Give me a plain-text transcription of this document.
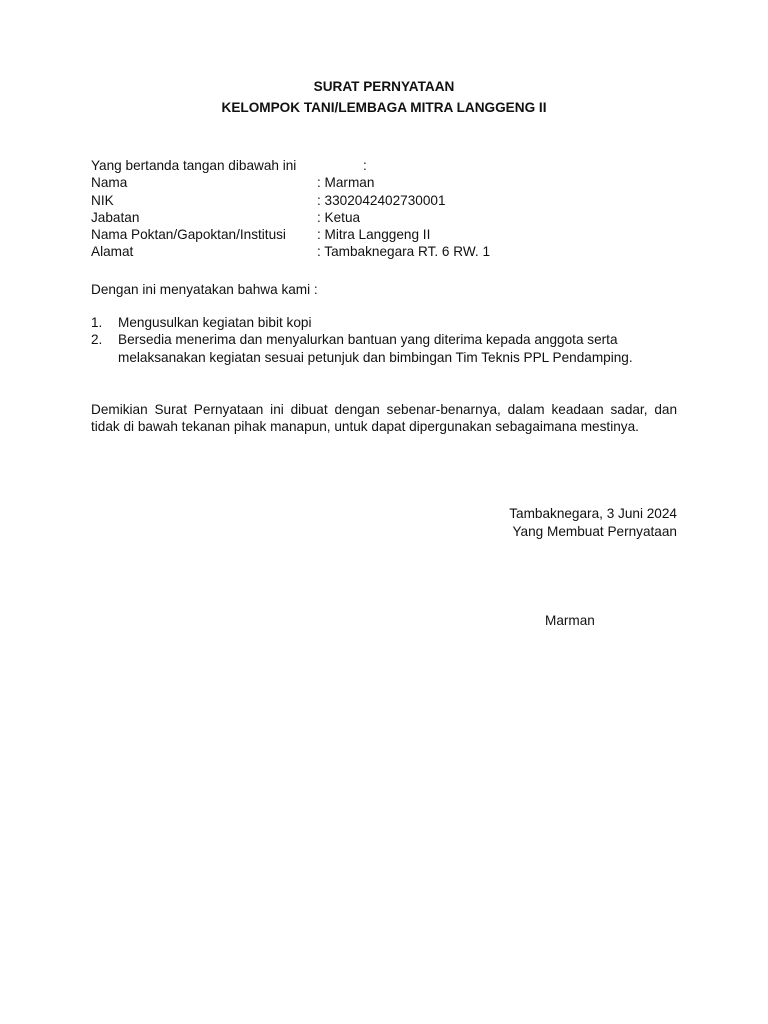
SURAT PERNYATAAN
KELOMPOK TANI/LEMBAGA MITRA LANGGENG II
Yang bertanda tangan dibawah ini	:
Nama	: Marman
NIK	: 3302042402730001
Jabatan	: Ketua
Nama Poktan/Gapoktan/Institusi : Mitra Langgeng II
Alamat	: Tambaknegara RT. 6 RW. 1
Dengan ini menyatakan bahwa kami :
1. Mengusulkan kegiatan bibit kopi
2. Bersedia menerima dan menyalurkan bantuan yang diterima kepada anggota serta melaksanakan kegiatan sesuai petunjuk dan bimbingan Tim Teknis PPL Pendamping.

Demikian Surat Pernyataan ini dibuat dengan sebenar-benarnya, dalam keadaan sadar, dan tidak di bawah tekanan pihak manapun, untuk dapat dipergunakan sebagaimana mestinya.

Tambaknegara, 3 Juni 2024
Yang Membuat Pernyataan
Marman
